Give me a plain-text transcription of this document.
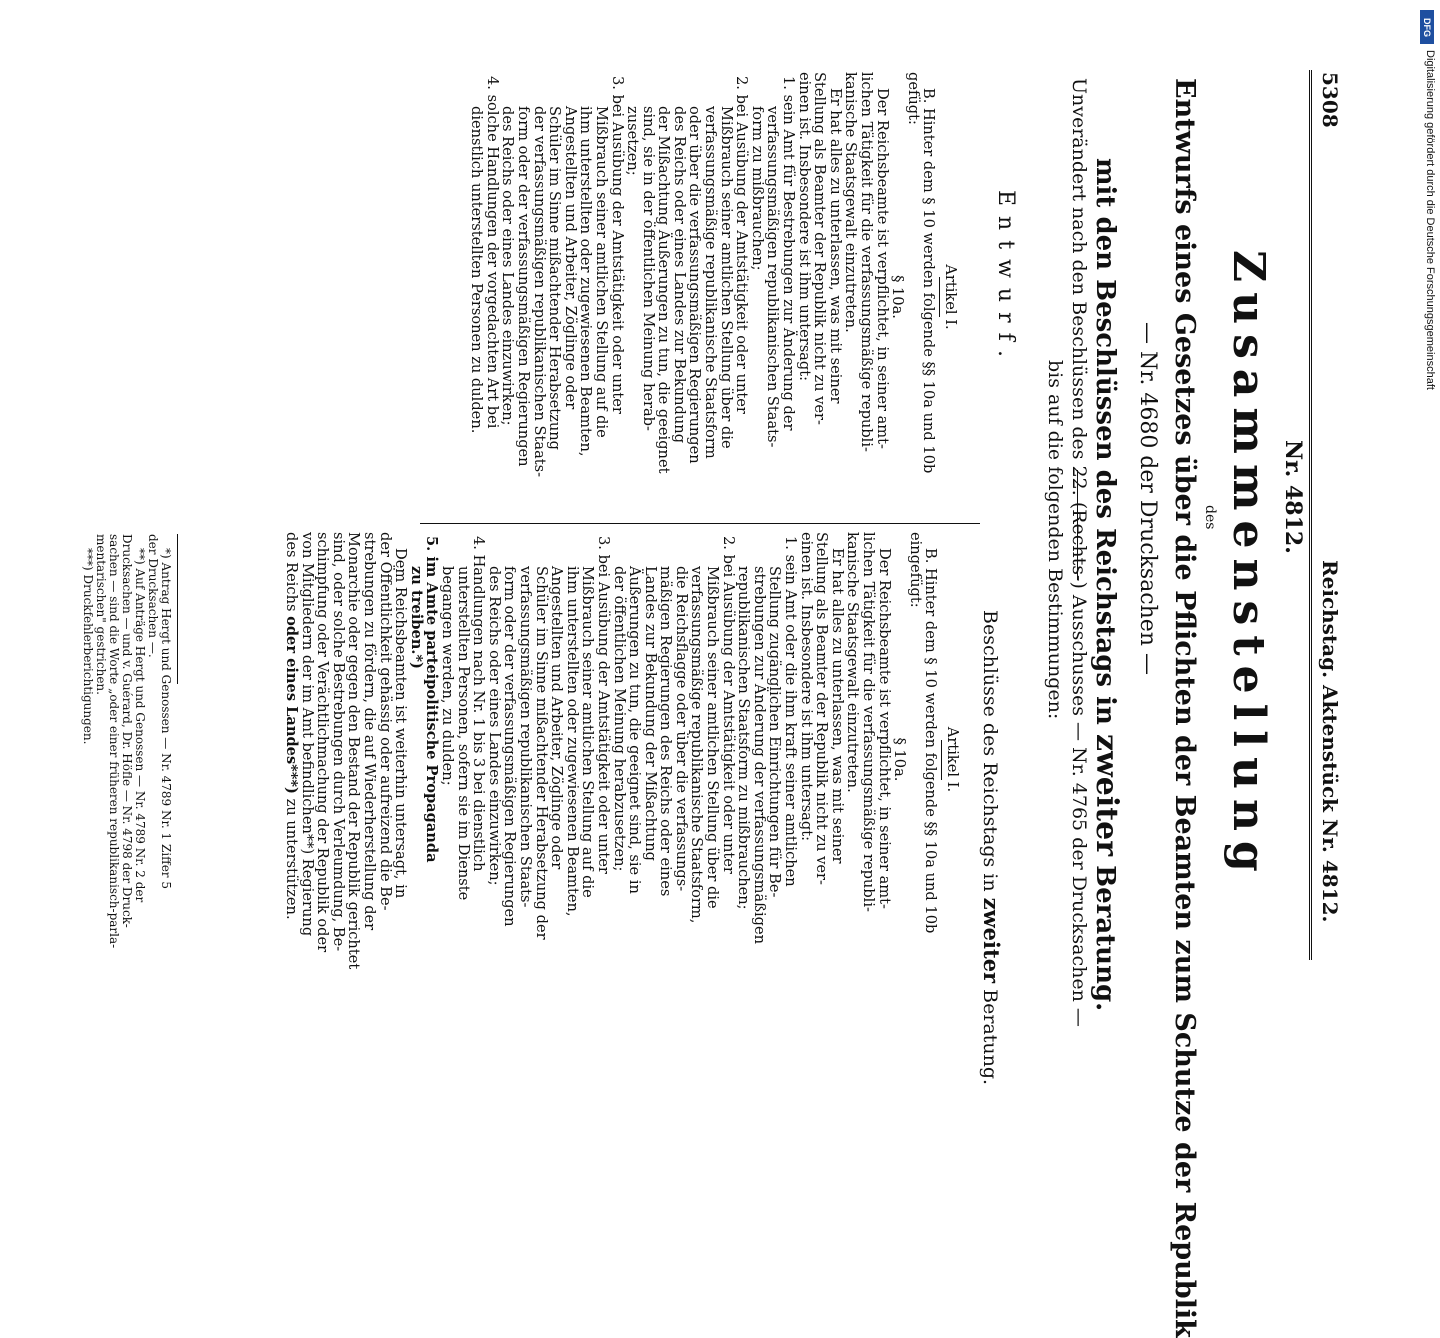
5308
Reichstag. Aktenstück Nr. 4812.
Nr. 4812.
Zusammenstellung
des
Entwurfs eines Gesetzes über die Pflichten der Beamten zum Schutze der Republik
— Nr. 4680 der Drucksachen —
mit den Beschlüssen des Reichstags in zweiter Beratung.
Unverändert nach den Beschlüssen des 22. (Rechts-) Ausschusses — Nr. 4765 der Drucksachen —
bis auf die folgenden Bestimmungen:
Entwurf.
Beschlüsse des Reichstags in zweiter Beratung.
Artikel I.
B. Hinter dem § 10 werden folgende §§ 10a und 10b
gefügt:
§ 10a.
Der Reichsbeamte ist verpflichtet, in seiner amt-
lichen Tätigkeit für die verfassungsmäßige republi-
kanische Staatsgewalt einzutreten.
Er hat alles zu unterlassen, was mit seiner
Stellung als Beamter der Republik nicht zu ver-
einen ist. Insbesondere ist ihm untersagt:
1. sein Amt für Bestrebungen zur Änderung der
verfassungsmäßigen republikanischen Staats-
form zu mißbrauchen;
2. bei Ausübung der Amtstätigkeit oder unter
Mißbrauch seiner amtlichen Stellung über die
verfassungsmäßige republikanische Staatsform
oder über die verfassungsmäßigen Regierungen
des Reichs oder eines Landes zur Bekundung
der Mißachtung Äußerungen zu tun, die geeignet
sind, sie in der öffentlichen Meinung herab-
zusetzen;
3. bei Ausübung der Amtstätigkeit oder unter
Mißbrauch seiner amtlichen Stellung auf die
ihm unterstellten oder zugewiesenen Beamten,
Angestellten und Arbeiter, Zöglinge oder
Schüler im Sinne mißachtender Herabsetzung
der verfassungsmäßigen republikanischen Staats-
form oder der verfassungsmäßigen Regierungen
des Reichs oder eines Landes einzuwirken;
4. solche Handlungen der vorgedachten Art bei
dienstlich unterstellten Personen zu dulden.
Artikel I.
B. Hinter dem § 10 werden folgende §§ 10a und 10b
eingefügt:
§ 10a.
Der Reichsbeamte ist verpflichtet, in seiner amt-
lichen Tätigkeit für die verfassungsmäßige republi-
kanische Staatsgewalt einzutreten.
Er hat alles zu unterlassen, was mit seiner
Stellung als Beamter der Republik nicht zu ver-
einen ist. Insbesondere ist ihm untersagt:
1. sein Amt oder die ihm kraft seiner amtlichen
Stellung zugänglichen Einrichtungen für Be-
strebungen zur Änderung der verfassungsmäßigen
republikanischen Staatsform zu mißbrauchen;
2. bei Ausübung der Amtstätigkeit oder unter
Mißbrauch seiner amtlichen Stellung über die
verfassungsmäßige republikanische Staatsform,
die Reichsflagge oder über die verfassungs-
mäßigen Regierungen des Reichs oder eines
Landes zur Bekundung der Mißachtung
Äußerungen zu tun, die geeignet sind, sie in
der öffentlichen Meinung herabzusetzen;
3. bei Ausübung der Amtstätigkeit oder unter
Mißbrauch seiner amtlichen Stellung auf die
ihm unterstellten oder zugewiesenen Beamten,
Angestellten und Arbeiter, Zöglinge oder
Schüler im Sinne mißachtender Herabsetzung der
verfassungsmäßigen republikanischen Staats-
form oder der verfassungsmäßigen Regierungen
des Reichs oder eines Landes einzuwirken;
4. Handlungen nach Nr. 1 bis 3 bei dienstlich
unterstellten Personen, sofern sie im Dienste
begangen werden, zu dulden;
5. im Amte parteipolitische Propaganda
zu treiben.*)
Dem Reichsbeamten ist weiterhin untersagt, in
der Öffentlichkeit gehässig oder aufreizend die Be-
strebungen zu fördern, die auf Wiederherstellung der
Monarchie oder gegen den Bestand der Republik gerichtet
sind, oder solche Bestrebungen durch Verleumdung, Be-
schimpfung oder Verächtlichmachung der Republik oder
von Mitgliedern der im Amt befindlichen**) Regierung
des Reichs oder eines Landes***) zu unterstützen.
*) Antrag Hergt und Genossen — Nr. 4789 Nr. 1 Ziffer 5
der Drucksachen —.
**) Auf Anträge Hergt und Genossen — Nr. 4789 Nr. 2 der
Drucksachen — und v. Guérard, Dr. Höfle — Nr. 4798 der Druck-
sachen — sind die Worte „oder einer früheren republikanisch-parla-
mentarischen" gestrichen.
***) Druckfehlerberichtigungen.
DFG
Digitalisierung gefördert durch die Deutsche Forschungsgemeinschaft
